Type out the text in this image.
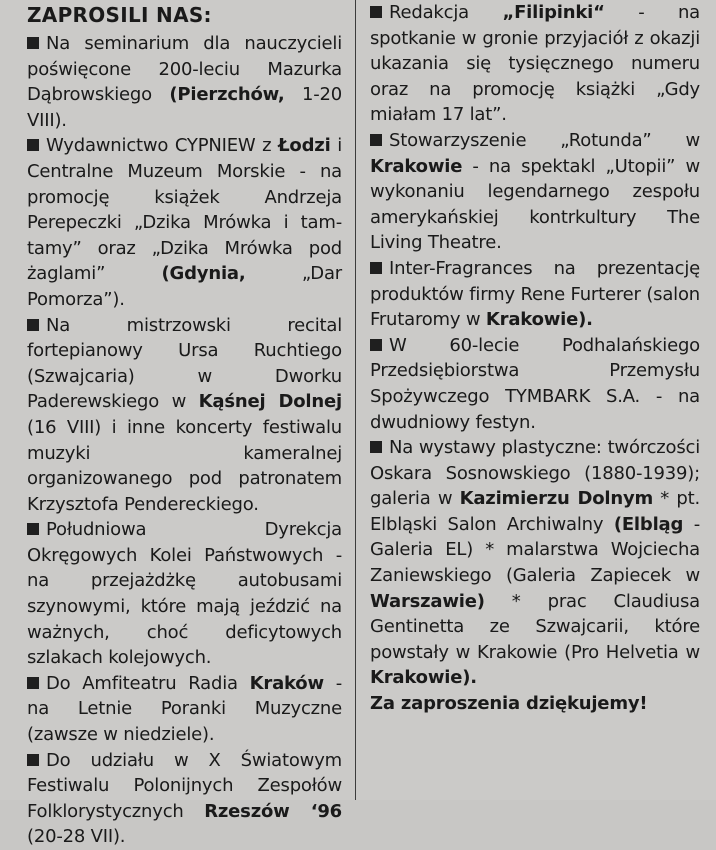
ZAPROSILI NAS:
Na seminarium dla nauczycieli poświęcone 200-leciu Mazurka Dąbrowskiego (Pierzchów, 1-20 VIII).
Wydawnictwo CYPNIEW z Łodzi i Centralne Muzeum Morskie - na promocję książek Andrzeja Perepeczki „Dzika Mrówka i tam-tamy” oraz „Dzika Mrówka pod żaglami” (Gdynia, „Dar Pomorza”).
Na mistrzowski recital fortepianowy Ursa Ruchtiego (Szwajcaria) w Dworku Paderewskiego w Kąśnej Dolnej (16 VIII) i inne koncerty festiwalu muzyki kameralnej organizowanego pod patronatem Krzysztofa Pendereckiego.
Południowa Dyrekcja Okręgowych Kolei Państwowych - na przejażdżkę autobusami szynowymi, które mają jeździć na ważnych, choć deficytowych szlakach kolejowych.
Do Amfiteatru Radia Kraków - na Letnie Poranki Muzyczne (zawsze w niedziele).
Do udziału w X Światowym Festiwalu Polonijnych Zespołów Folklorystycznych Rzeszów ‘96 (20-28 VII).
Redakcja „Filipinki“ - na spotkanie w gronie przyjaciół z okazji ukazania się tysięcznego numeru oraz na promocję książki „Gdy miałam 17 lat”.
Stowarzyszenie „Rotunda” w Krakowie - na spektakl „Utopii” w wykonaniu legendarnego zespołu amerykańskiej kontrkultury The Living Theatre.
Inter-Fragrances na prezentację produktów firmy Rene Furterer (salon Frutaromy w Krakowie).
W 60-lecie Podhalańskiego Przedsiębiorstwa Przemysłu Spożywczego TYMBARK S.A. - na dwudniowy festyn.
Na wystawy plastyczne: twórczości Oskara Sosnowskiego (1880-1939); galeria w Kazimierzu Dolnym * pt. Elbląski Salon Archiwalny (Elbląg - Galeria EL) * malarstwa Wojciecha Zaniewskiego (Galeria Zapiecek w Warszawie) * prac Claudiusa Gentinetta ze Szwajcarii, które powstały w Krakowie (Pro Helvetia w Krakowie).
Za zaproszenia dziękujemy!
